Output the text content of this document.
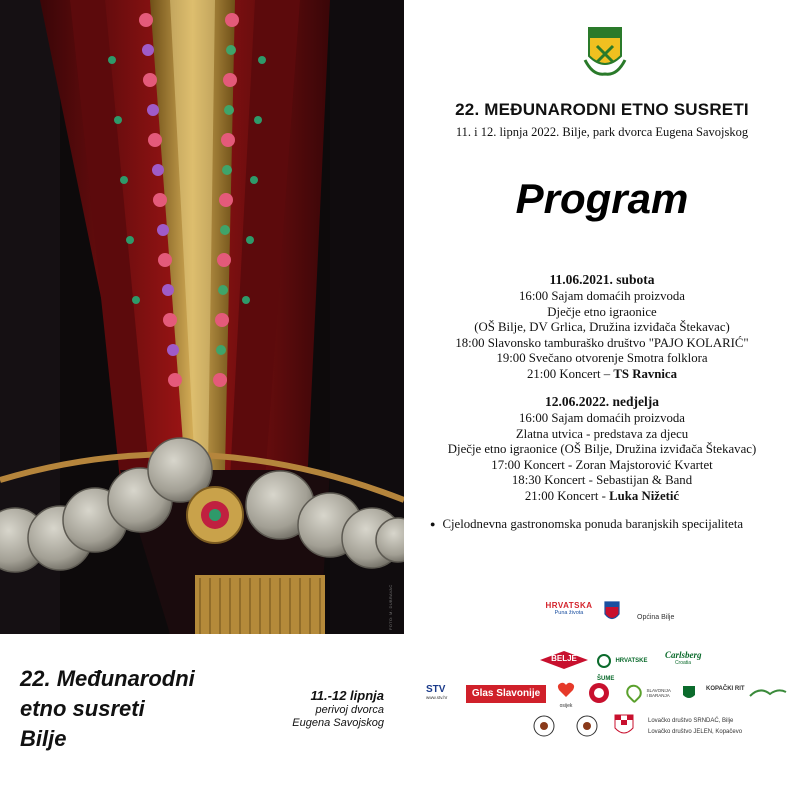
FOTO: M. DUBRAVAC
22. MEĐUNARODNI ETNO SUSRETI
11. i 12. lipnja 2022. Bilje, park dvorca Eugena Savojskog
Program
11.06.2021. subota
16:00 Sajam domaćih proizvoda
Dječje etno igraonice
(OŠ Bilje, DV Grlica, Družina izviđača Štekavac)
18:00 Slavonsko tamburaško društvo "PAJO KOLARIĆ"
19:00 Svečano otvorenje Smotra folklora
21:00 Koncert – TS Ravnica
12.06.2022. nedjelja
16:00 Sajam domaćih proizvoda
Zlatna utvica - predstava za djecu
Dječje etno igraonice (OŠ Bilje, Družina izviđača Štekavac)
17:00 Koncert - Zoran Majstorović Kvartet
18:30 Koncert - Sebastijan & Band
21:00 Koncert - Luka Nižetić
● Cjelodnevna gastronomska ponuda baranjskih specijaliteta
22. Međunarodni
etno susreti
Bilje
11.-12 lipnja
perivoj dvorca
Eugena Savojskog
HRVATSKA
Puna života
Općina Bilje
BELJE	HRVATSKE ŠUME
Carlsberg
Croatia
STV
www.stv.hr	Glas Slavonije
osijek
SLAVONIJA I BARANJA
KOPAČKI RIT
Lovačko društvo SRNDAĆ, Bilje
Lovačko društvo JELEN, Kopačevo
